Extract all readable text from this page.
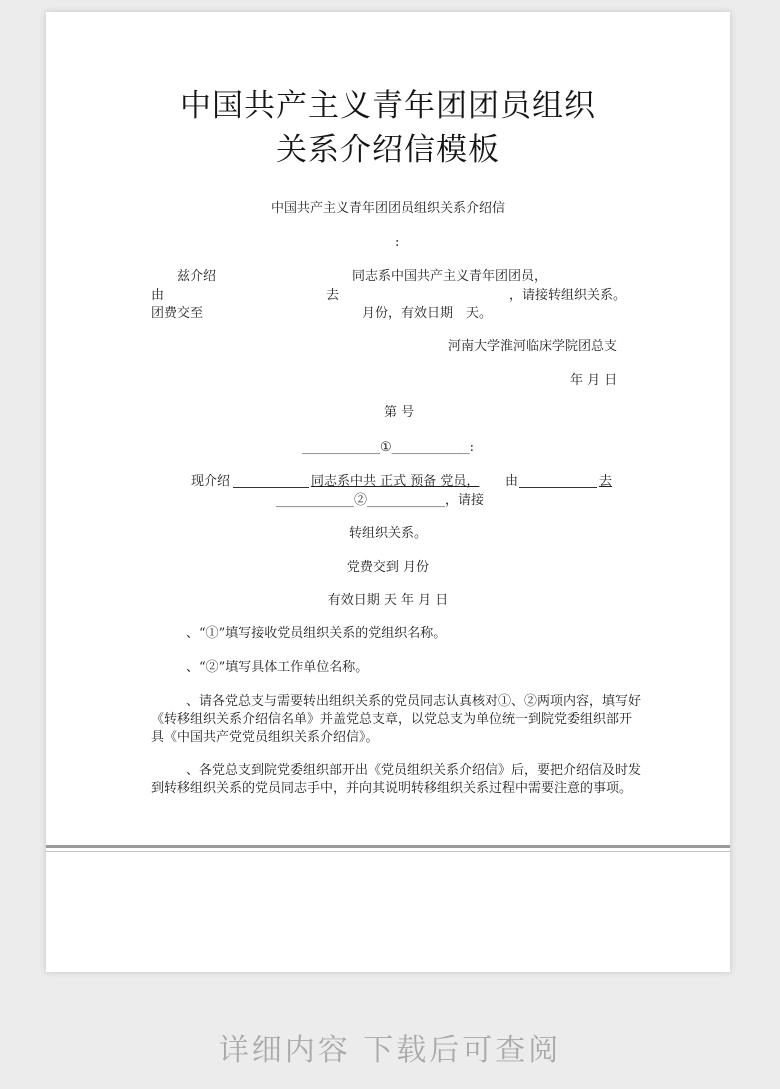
中国共产主义青年团团员组织
关系介绍信模板
中国共产主义青年团团员组织关系介绍信
:
兹介绍	同志系中国共产主义青年团团员，
由	去	，请接转组织关系。
团费交至	月份，有效日期　天。
河南大学淮河临床学院团总支
年 月 日
第 号
____________①____________:
现介绍	同志系中共 正式 预备 党员， 由	去
____________②____________，请接
转组织关系。
党费交到 月份
有效日期 天 年 月 日
、“①”填写接收党员组织关系的党组织名称。
、“②”填写具体工作单位名称。
、请各党总支与需要转出组织关系的党员同志认真核对①、②两项内容，填写好《转移组织关系介绍信名单》并盖党总支章，以党总支为单位统一到院党委组织部开具《中国共产党党员组织关系介绍信》。
、各党总支到院党委组织部开出《党员组织关系介绍信》后，要把介绍信及时发到转移组织关系的党员同志手中，并向其说明转移组织关系过程中需要注意的事项。
详细内容 下载后可查阅
